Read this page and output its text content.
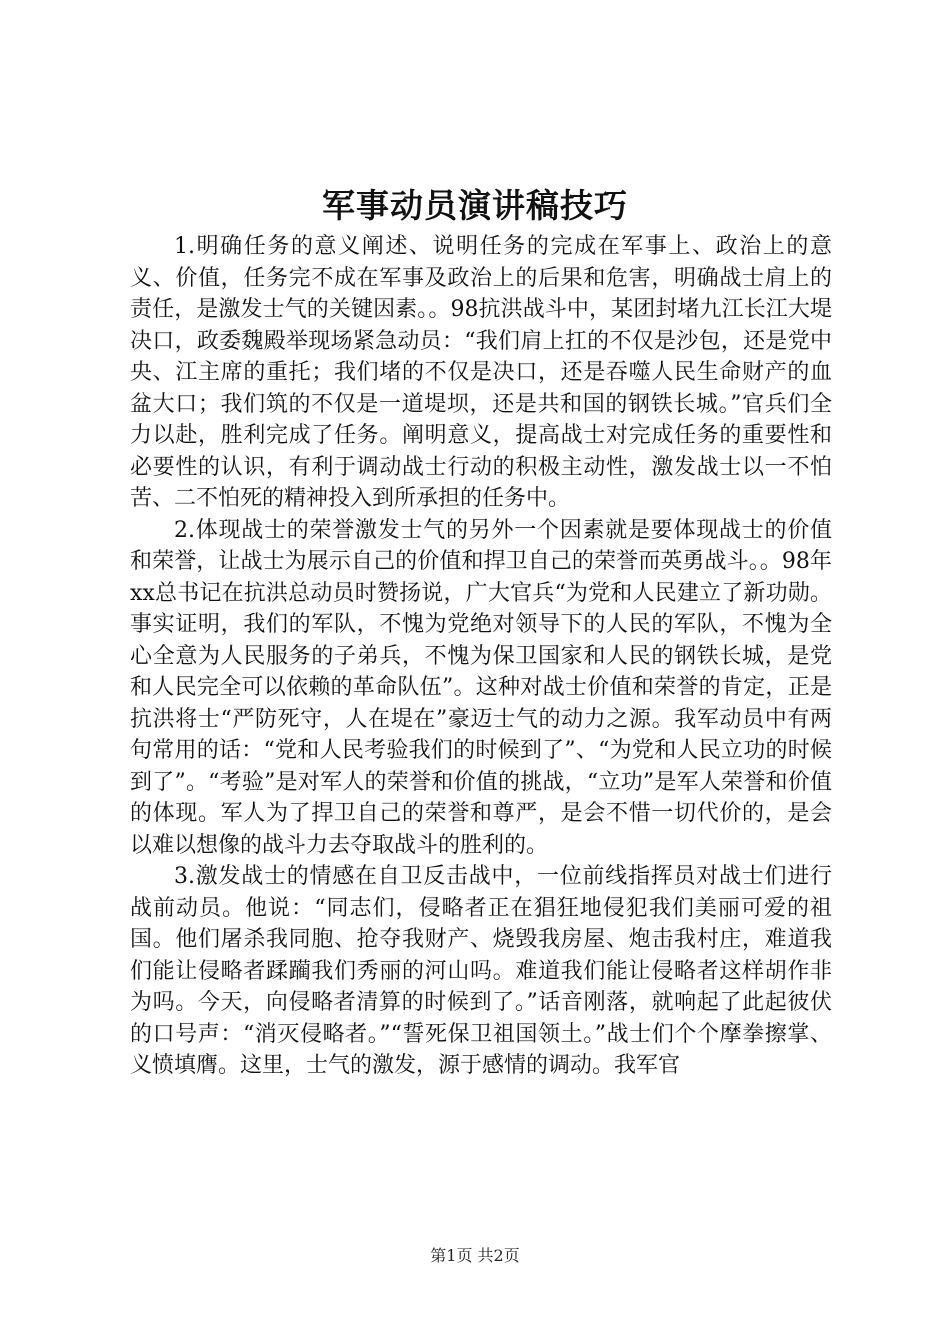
军事动员演讲稿技巧

1.明确任务的意义阐述、说明任务的完成在军事上、政治上的意义、价值，任务完不成在军事及政治上的后果和危害，明确战士肩上的责任，是激发士气的关键因素。。98抗洪战斗中，某团封堵九江长江大堤决口，政委魏殿举现场紧急动员：“我们肩上扛的不仅是沙包，还是党中央、江主席的重托；我们堵的不仅是决口，还是吞噬人民生命财产的血盆大口；我们筑的不仅是一道堤坝，还是共和国的钢铁长城。”官兵们全力以赴，胜利完成了任务。阐明意义，提高战士对完成任务的重要性和必要性的认识，有利于调动战士行动的积极主动性，激发战士以一不怕苦、二不怕死的精神投入到所承担的任务中。

2.体现战士的荣誉激发士气的另外一个因素就是要体现战士的价值和荣誉，让战士为展示自己的价值和捍卫自己的荣誉而英勇战斗。。98年xx总书记在抗洪总动员时赞扬说，广大官兵“为党和人民建立了新功勋。事实证明，我们的军队，不愧为党绝对领导下的人民的军队，不愧为全心全意为人民服务的子弟兵，不愧为保卫国家和人民的钢铁长城，是党和人民完全可以依赖的革命队伍”。这种对战士价值和荣誉的肯定，正是抗洪将士“严防死守，人在堤在”豪迈士气的动力之源。我军动员中有两句常用的话：“党和人民考验我们的时候到了”、“为党和人民立功的时候到了”。“考验”是对军人的荣誉和价值的挑战，“立功”是军人荣誉和价值的体现。军人为了捍卫自己的荣誉和尊严，是会不惜一切代价的，是会以难以想像的战斗力去夺取战斗的胜利的。

3.激发战士的情感在自卫反击战中，一位前线指挥员对战士们进行战前动员。他说：“同志们，侵略者正在猖狂地侵犯我们美丽可爱的祖国。他们屠杀我同胞、抢夺我财产、烧毁我房屋、炮击我村庄，难道我们能让侵略者蹂躏我们秀丽的河山吗。难道我们能让侵略者这样胡作非为吗。今天，向侵略者清算的时候到了。”话音刚落，就响起了此起彼伏的口号声：“消灭侵略者。”“誓死保卫祖国领土。”战士们个个摩拳擦掌、义愤填膺。这里，士气的激发，源于感情的调动。我军官

第1页 共2页
